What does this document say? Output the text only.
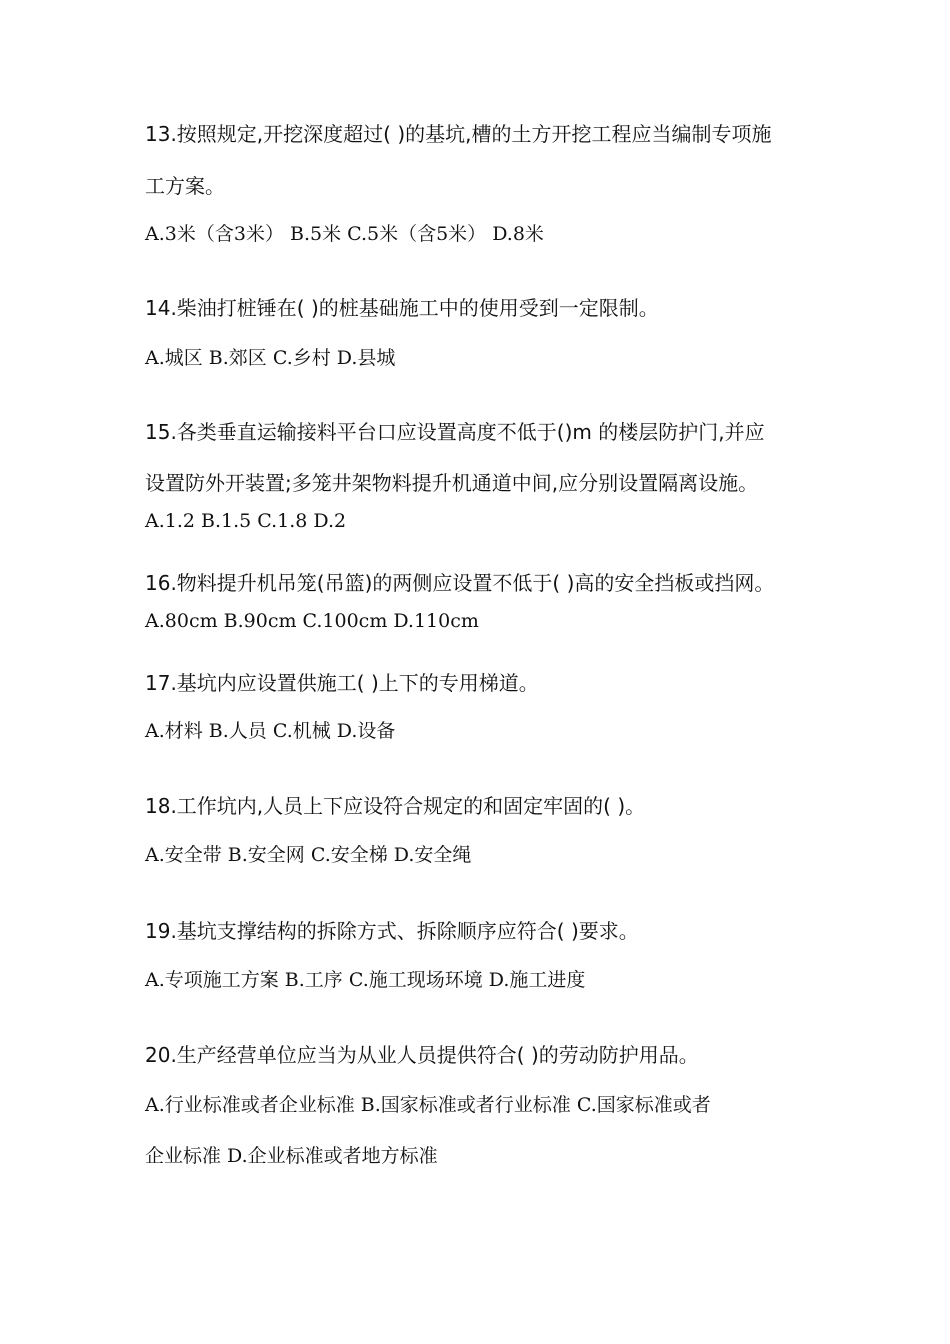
13.按照规定,开挖深度超过( )的基坑,槽的土方开挖工程应当编制专项施
工方案。
A.3米（含3米） B.5米 C.5米（含5米） D.8米
14.柴油打桩锤在( )的桩基础施工中的使用受到一定限制。
A.城区 B.郊区 C.乡村 D.县城
15.各类垂直运输接料平台口应设置高度不低于()m 的楼层防护门,并应
设置防外开装置;多笼井架物料提升机通道中间,应分别设置隔离设施。
A.1.2 B.1.5 C.1.8 D.2
16.物料提升机吊笼(吊篮)的两侧应设置不低于( )高的安全挡板或挡网。
A.80cm B.90cm C.100cm D.110cm
17.基坑内应设置供施工( )上下的专用梯道。
A.材料 B.人员 C.机械 D.设备
18.工作坑内,人员上下应设符合规定的和固定牢固的( )。
A.安全带 B.安全网 C.安全梯 D.安全绳
19.基坑支撑结构的拆除方式、拆除顺序应符合( )要求。
A.专项施工方案 B.工序 C.施工现场环境 D.施工进度
20.生产经营单位应当为从业人员提供符合( )的劳动防护用品。
A.行业标准或者企业标准 B.国家标准或者行业标准 C.国家标准或者
企业标准 D.企业标准或者地方标准
